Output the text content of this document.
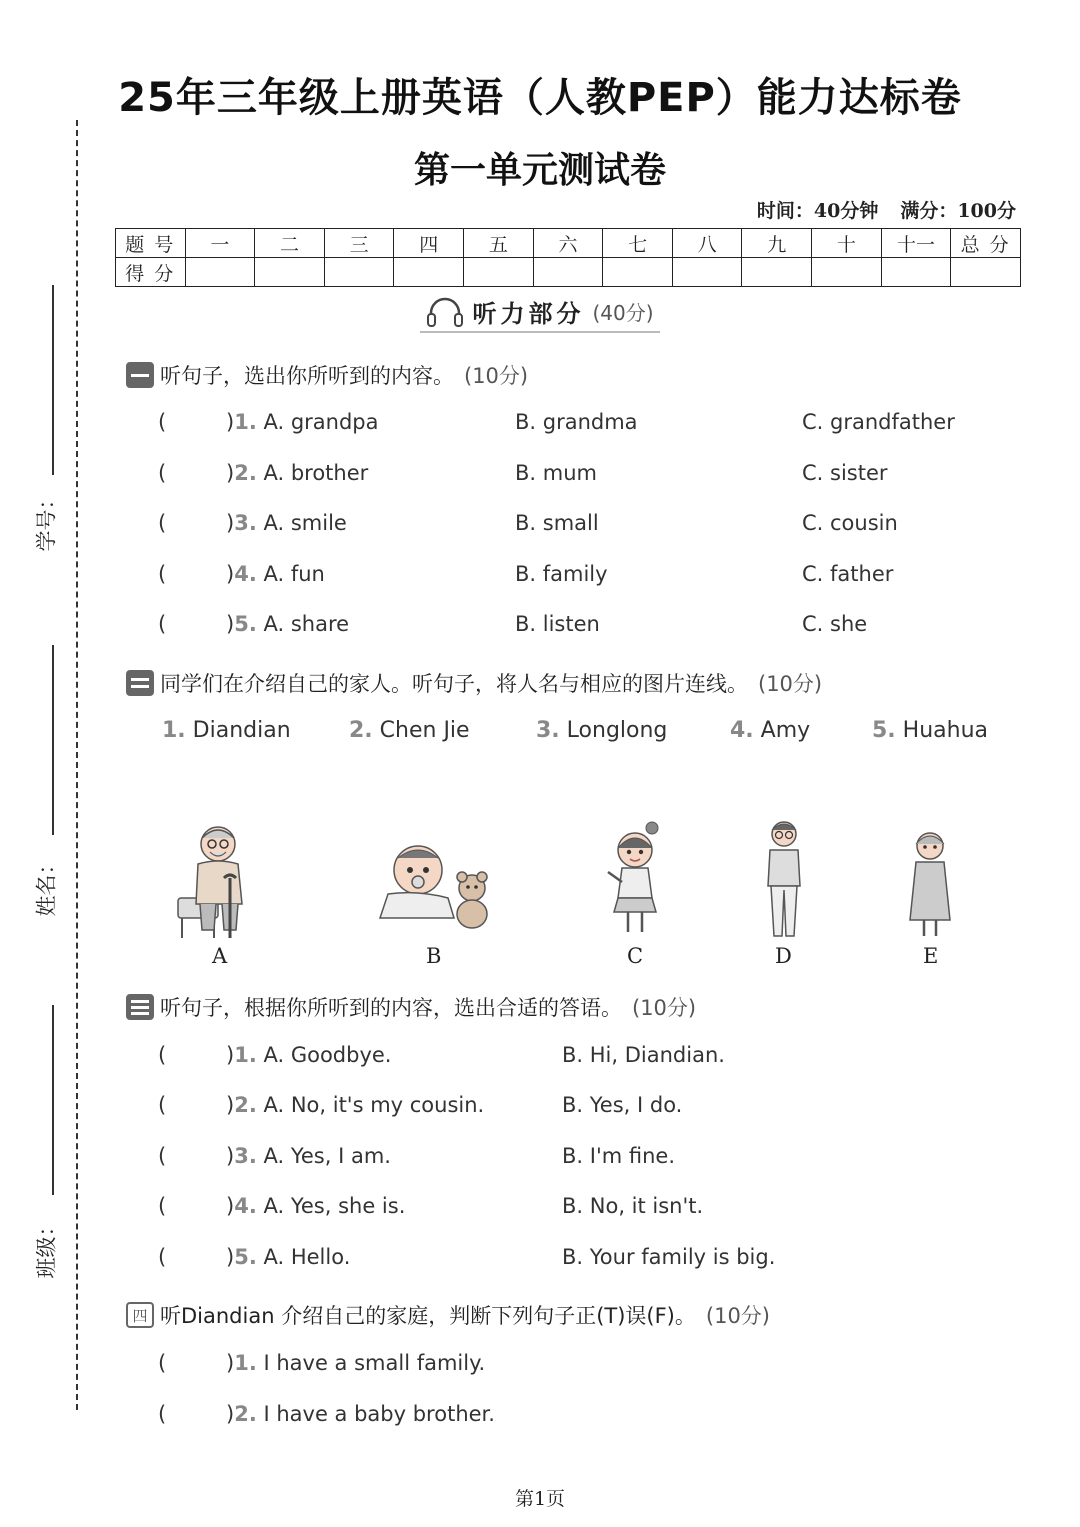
学号：
姓名：
班级：
25年三年级上册英语（人教PEP）能力达标卷
第一单元测试卷
时间：40分钟 满分：100分
题号	一	二	三	四	五	六	七	八	九	十	十一	总分
得分												
听力部分 (40分)
听句子，选出你所听到的内容。 (10分)
(	)1. A. grandpa	B. grandma	C. grandfather
(	)2. A. brother	B. mum	C. sister
(	)3. A. smile	B. small	C. cousin
(	)4. A. fun	B. family	C. father
(	)5. A. share	B. listen	C. she
同学们在介绍自己的家人。听句子，将人名与相应的图片连线。 (10分)
1. Diandian	2. Chen Jie	3. Longlong	4. Amy	5. Huahua
A	B	C	D	E
听句子，根据你所听到的内容，选出合适的答语。 (10分)
(	)1. A. Goodbye.	B. Hi, Diandian.
(	)2. A. No, it's my cousin.	B. Yes, I do.
(	)3. A. Yes, I am.	B. I'm fine.
(	)4. A. Yes, she is.	B. No, it isn't.
(	)5. A. Hello.	B. Your family is big.
四 听Diandian 介绍自己的家庭，判断下列句子正(T)误(F)。 (10分)
(	)1. I have a small family.
(	)2. I have a baby brother.
第1页
